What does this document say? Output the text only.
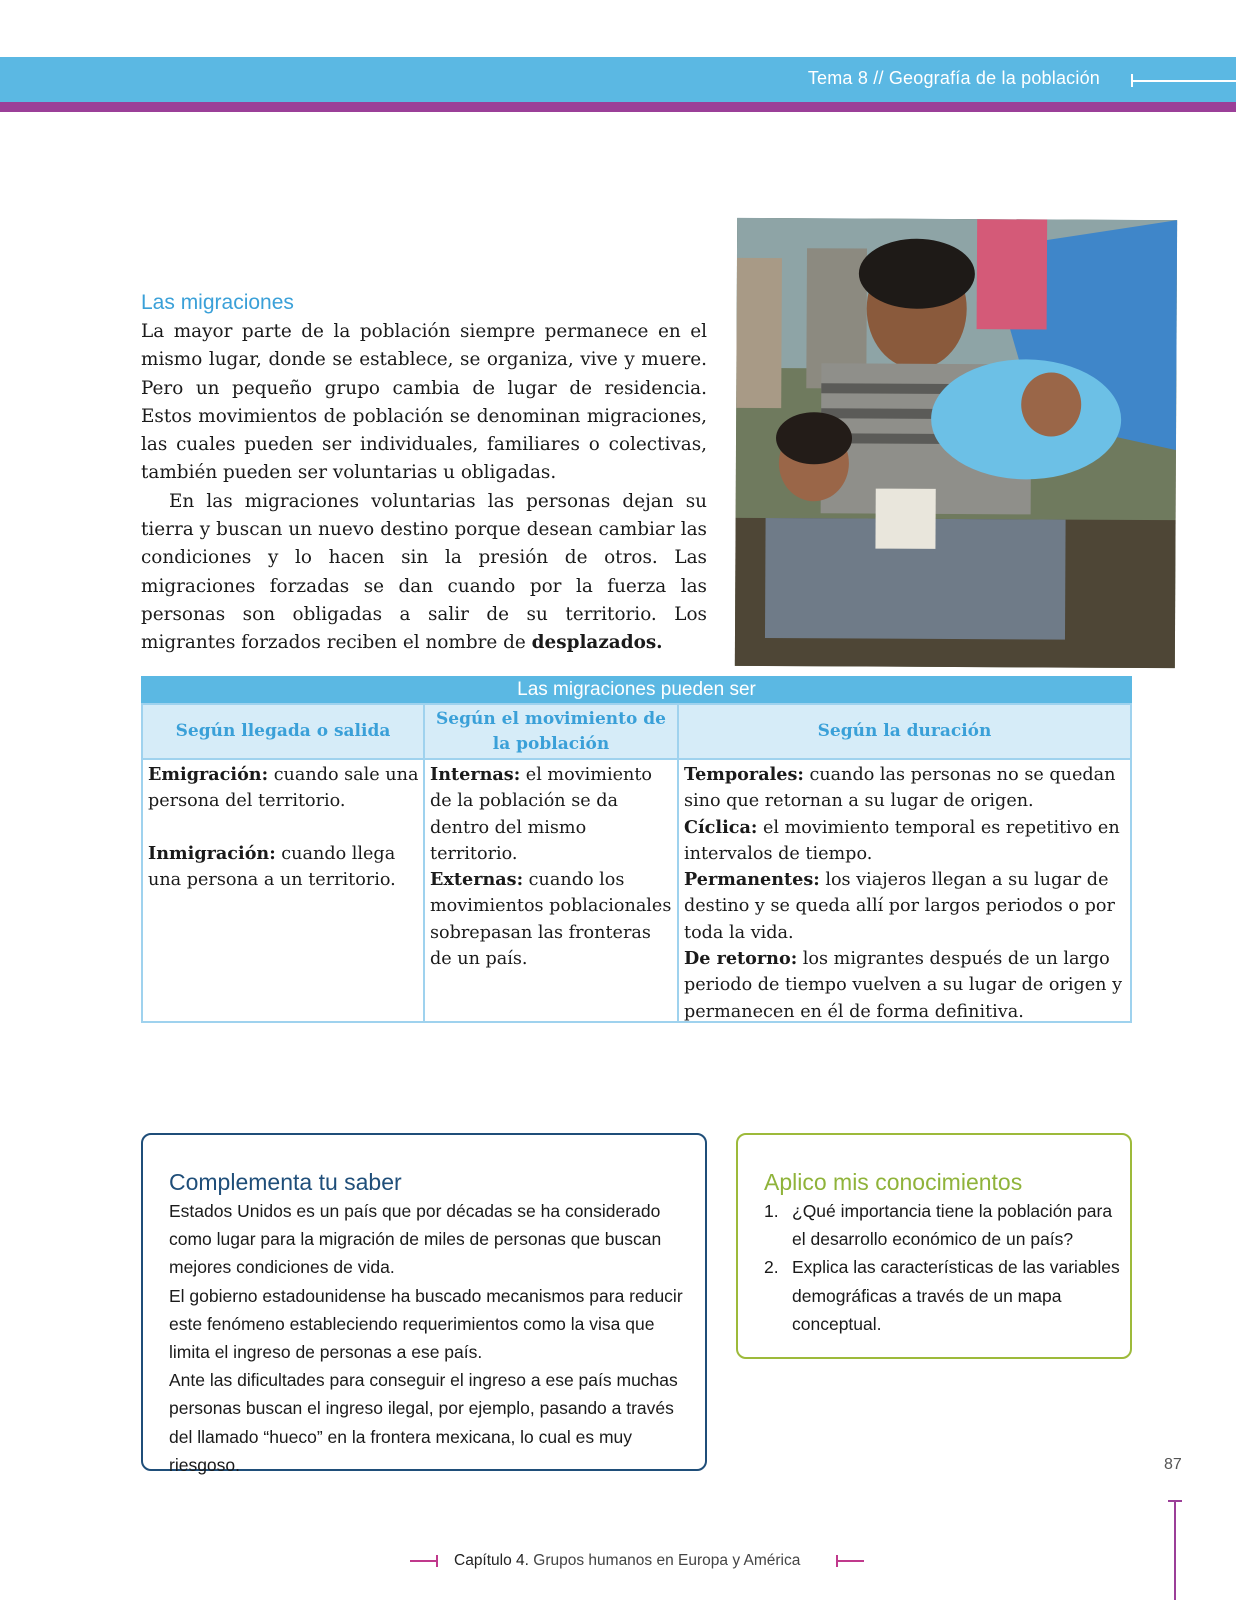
Tema 8 // Geografía de la población
Las migraciones

La mayor parte de la población siempre permanece en el mismo lugar, donde se establece, se organiza, vive y muere. Pero un pequeño grupo cambia de lugar de residencia. Estos movimientos de población se denominan migraciones, las cuales pueden ser individuales, familiares o colectivas, también pueden ser voluntarias u obligadas.

En las migraciones voluntarias las personas dejan su tierra y buscan un nuevo destino porque desean cambiar las condiciones y lo hacen sin la presión de otros. Las migraciones forzadas se dan cuando por la fuerza las personas son obligadas a salir de su territorio. Los migrantes forzados reciben el nombre de desplazados.

Las migraciones pueden ser
Según llegada o salida
Según el movimiento de la población
Según la duración
Emigración: cuando sale una persona del territorio.
Inmigración: cuando llega una persona a un territorio.
Internas: el movimiento de la población se da dentro del mismo territorio.
Externas: cuando los movimientos poblacionales sobrepasan las fronteras de un país.
Temporales: cuando las personas no se quedan sino que retornan a su lugar de origen.
Cíclica: el movimiento temporal es repetitivo en intervalos de tiempo.
Permanentes: los viajeros llegan a su lugar de destino y se queda allí por largos periodos o por toda la vida.
De retorno: los migrantes después de un largo periodo de tiempo vuelven a su lugar de origen y permanecen en él de forma definitiva.
Complementa tu saber
Estados Unidos es un país que por décadas se ha considerado como lugar para la migración de miles de personas que buscan mejores condiciones de vida.
El gobierno estadounidense ha buscado mecanismos para reducir este fenómeno estableciendo requerimientos como la visa que limita el ingreso de personas a ese país.
Ante las dificultades para conseguir el ingreso a ese país muchas personas buscan el ingreso ilegal, por ejemplo, pasando a través del llamado “hueco” en la frontera mexicana, lo cual es muy riesgoso.
Aplico mis conocimientos
1. ¿Qué importancia tiene la población para el desarrollo económico de un país?
2. Explica las características de las variables demográficas a través de un mapa conceptual.
87
Capítulo 4. Grupos humanos en Europa y América
